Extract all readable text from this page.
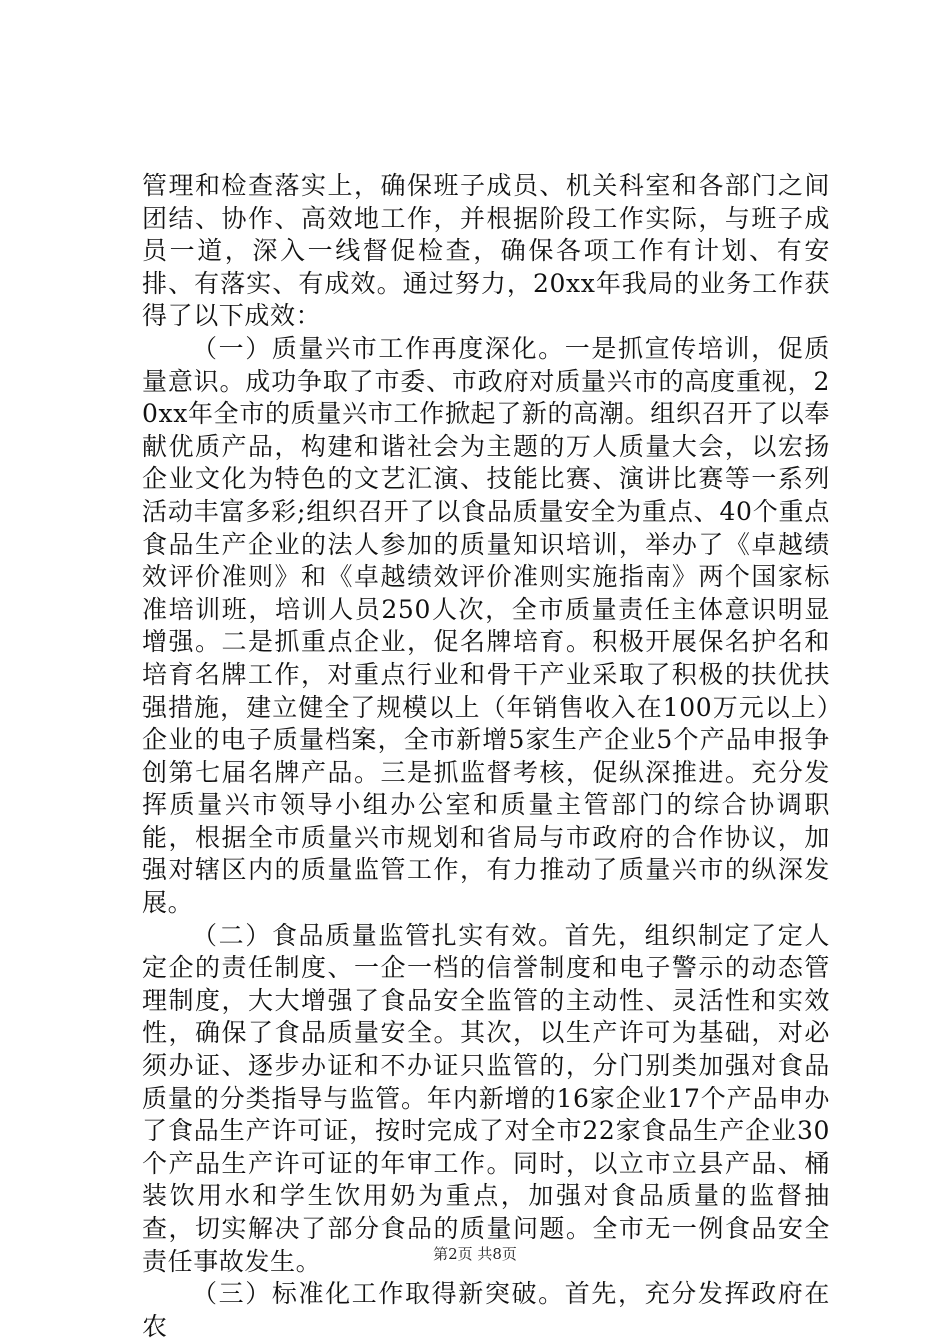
管理和检查落实上，确保班子成员、机关科室和各部门之间团结、协作、高效地工作，并根据阶段工作实际，与班子成员一道，深入一线督促检查，确保各项工作有计划、有安排、有落实、有成效。通过努力，20xx年我局的业务工作获得了以下成效：

（一）质量兴市工作再度深化。一是抓宣传培训，促质量意识。成功争取了市委、市政府对质量兴市的高度重视，20xx年全市的质量兴市工作掀起了新的高潮。组织召开了以奉献优质产品，构建和谐社会为主题的万人质量大会，以宏扬企业文化为特色的文艺汇演、技能比赛、演讲比赛等一系列活动丰富多彩;组织召开了以食品质量安全为重点、40个重点食品生产企业的法人参加的质量知识培训，举办了《卓越绩效评价准则》和《卓越绩效评价准则实施指南》两个国家标准培训班，培训人员250人次，全市质量责任主体意识明显增强。二是抓重点企业，促名牌培育。积极开展保名护名和培育名牌工作，对重点行业和骨干产业采取了积极的扶优扶强措施，建立健全了规模以上（年销售收入在100万元以上）企业的电子质量档案，全市新增5家生产企业5个产品申报争创第七届名牌产品。三是抓监督考核，促纵深推进。充分发挥质量兴市领导小组办公室和质量主管部门的综合协调职能，根据全市质量兴市规划和省局与市政府的合作协议，加强对辖区内的质量监管工作，有力推动了质量兴市的纵深发展。

（二）食品质量监管扎实有效。首先，组织制定了定人定企的责任制度、一企一档的信誉制度和电子警示的动态管理制度，大大增强了食品安全监管的主动性、灵活性和实效性，确保了食品质量安全。其次，以生产许可为基础，对必须办证、逐步办证和不办证只监管的，分门别类加强对食品质量的分类指导与监管。年内新增的16家企业17个产品申办了食品生产许可证，按时完成了对全市22家食品生产企业30个产品生产许可证的年审工作。同时，以立市立县产品、桶装饮用水和学生饮用奶为重点，加强对食品质量的监督抽查，切实解决了部分食品的质量问题。全市无一例食品安全责任事故发生。

（三）标准化工作取得新突破。首先，充分发挥政府在农

第2页 共8页
